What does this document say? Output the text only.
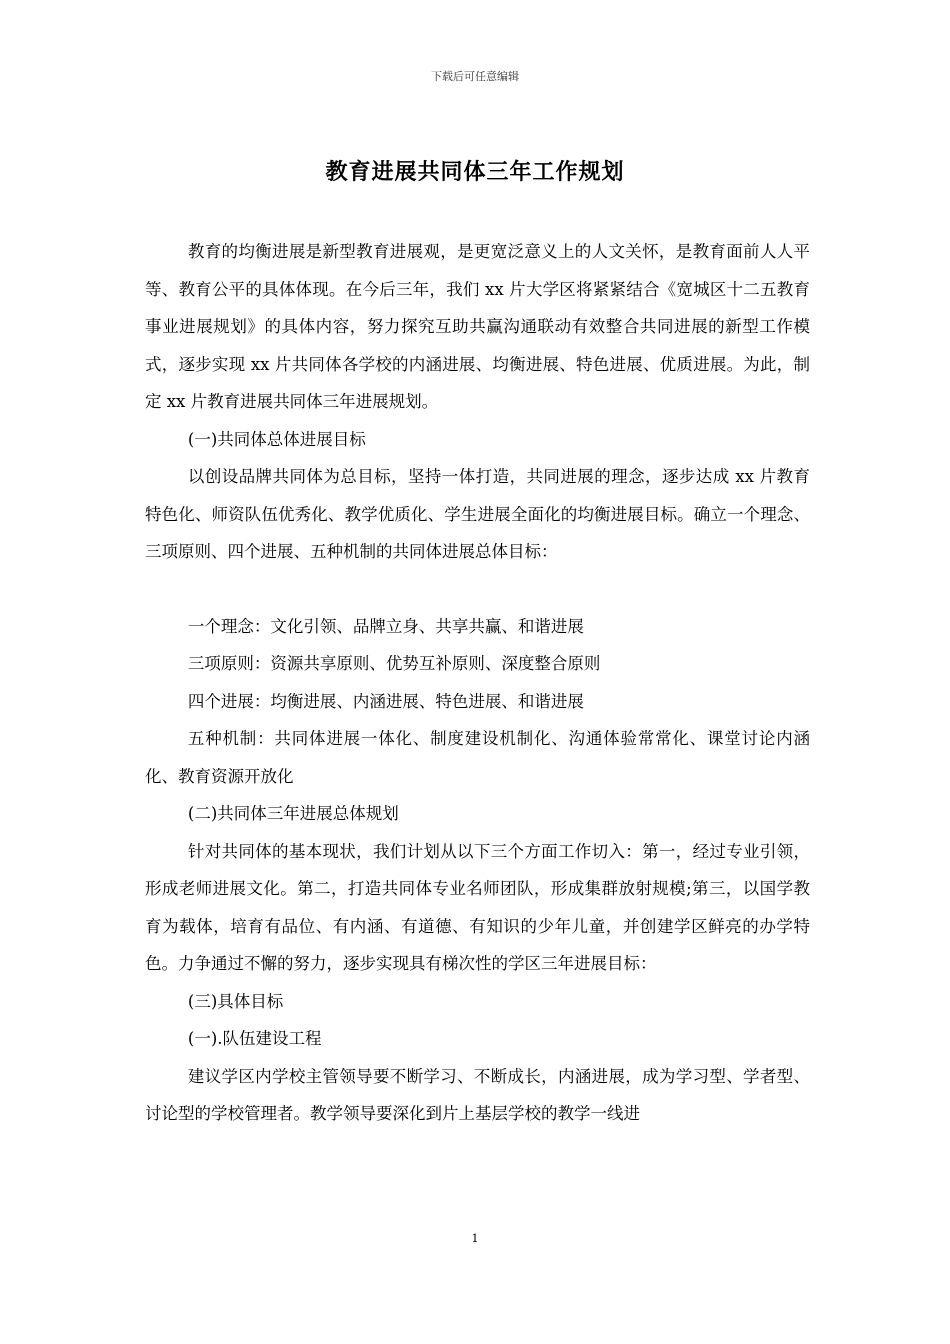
下载后可任意编辑
教育进展共同体三年工作规划

教育的均衡进展是新型教育进展观，是更宽泛意义上的人文关怀，是教育面前人人平等、教育公平的具体体现。在今后三年，我们 xx 片大学区将紧紧结合《宽城区十二五教育事业进展规划》的具体内容，努力探究互助共赢沟通联动有效整合共同进展的新型工作模式，逐步实现 xx 片共同体各学校的内涵进展、均衡进展、特色进展、优质进展。为此，制定 xx 片教育进展共同体三年进展规划。

(一)共同体总体进展目标

以创设品牌共同体为总目标，坚持一体打造，共同进展的理念，逐步达成 xx 片教育特色化、师资队伍优秀化、教学优质化、学生进展全面化的均衡进展目标。确立一个理念、三项原则、四个进展、五种机制的共同体进展总体目标：

一个理念：文化引领、品牌立身、共享共赢、和谐进展

三项原则：资源共享原则、优势互补原则、深度整合原则

四个进展：均衡进展、内涵进展、特色进展、和谐进展

五种机制：共同体进展一体化、制度建设机制化、沟通体验常常化、课堂讨论内涵化、教育资源开放化

(二)共同体三年进展总体规划

针对共同体的基本现状，我们计划从以下三个方面工作切入：第一，经过专业引领，形成老师进展文化。第二，打造共同体专业名师团队，形成集群放射规模;第三，以国学教育为载体，培育有品位、有内涵、有道德、有知识的少年儿童，并创建学区鲜亮的办学特色。力争通过不懈的努力，逐步实现具有梯次性的学区三年进展目标：

(三)具体目标

(一).队伍建设工程

建议学区内学校主管领导要不断学习、不断成长，内涵进展，成为学习型、学者型、讨论型的学校管理者。教学领导要深化到片上基层学校的教学一线进

1
